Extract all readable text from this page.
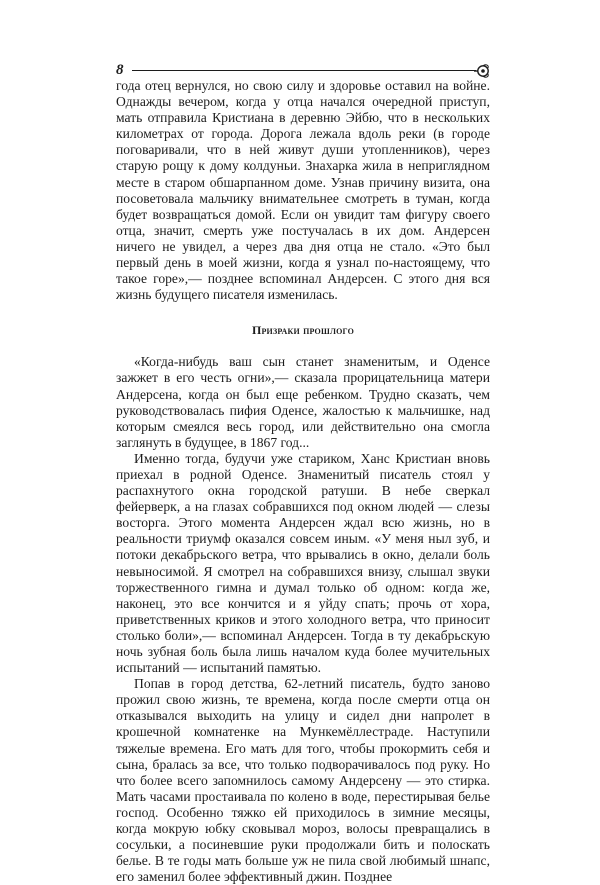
8

года отец вернулся, но свою силу и здоровье оставил на войне. Однажды вечером, когда у отца начался очередной приступ, мать отправила Кристиана в деревню Эйбю, что в нескольких километрах от города. Дорога лежала вдоль реки (в городе поговаривали, что в ней живут души утопленников), через старую рощу к дому колдуньи. Знахарка жила в неприглядном месте в старом обшарпанном доме. Узнав причину визита, она посоветовала мальчику внимательнее смотреть в туман, когда будет возвращаться домой. Если он увидит там фигуру своего отца, значит, смерть уже постучалась в их дом. Андерсен ничего не увидел, а через два дня отца не стало. «Это был первый день в моей жизни, когда я узнал по-настоящему, что такое горе»,— позднее вспоминал Андерсен. С этого дня вся жизнь будущего писателя изменилась.

Призраки прошлого

«Когда-нибудь ваш сын станет знаменитым, и Оденсе зажжет в его честь огни»,— сказала прорицательница матери Андерсена, когда он был еще ребенком. Трудно сказать, чем руководствовалась пифия Оденсе, жалостью к мальчишке, над которым смеялся весь город, или действительно она смогла заглянуть в будущее, в 1867 год...

Именно тогда, будучи уже стариком, Ханс Кристиан вновь приехал в родной Оденсе. Знаменитый писатель стоял у распахнутого окна городской ратуши. В небе сверкал фейерверк, а на глазах собравшихся под окном людей — слезы восторга. Этого момента Андерсен ждал всю жизнь, но в реальности триумф оказался совсем иным. «У меня ныл зуб, и потоки декабрьского ветра, что врывались в окно, делали боль невыносимой. Я смотрел на собравшихся внизу, слышал звуки торжественного гимна и думал только об одном: когда же, наконец, это все кончится и я уйду спать; прочь от хора, приветственных криков и этого холодного ветра, что приносит столько боли»,— вспоминал Андерсен. Тогда в ту декабрьскую ночь зубная боль была лишь началом куда более мучительных испытаний — испытаний памятью.

Попав в город детства, 62-летний писатель, будто заново прожил свою жизнь, те времена, когда после смерти отца он отказывался выходить на улицу и сидел дни напролет в крошечной комнатенке на Мункемёллестраде. Наступили тяжелые времена. Его мать для того, чтобы прокормить себя и сына, бралась за все, что только подворачивалось под руку. Но что более всего запомнилось самому Андерсену — это стирка. Мать часами простаивала по колено в воде, перестирывая белье господ. Особенно тяжко ей приходилось в зимние месяцы, когда мокрую юбку сковывал мороз, волосы превращались в сосульки, а посиневшие руки продолжали бить и полоскать белье. В те годы мать больше уж не пила свой любимый шнапс, его заменил более эффективный джин. Позднее
